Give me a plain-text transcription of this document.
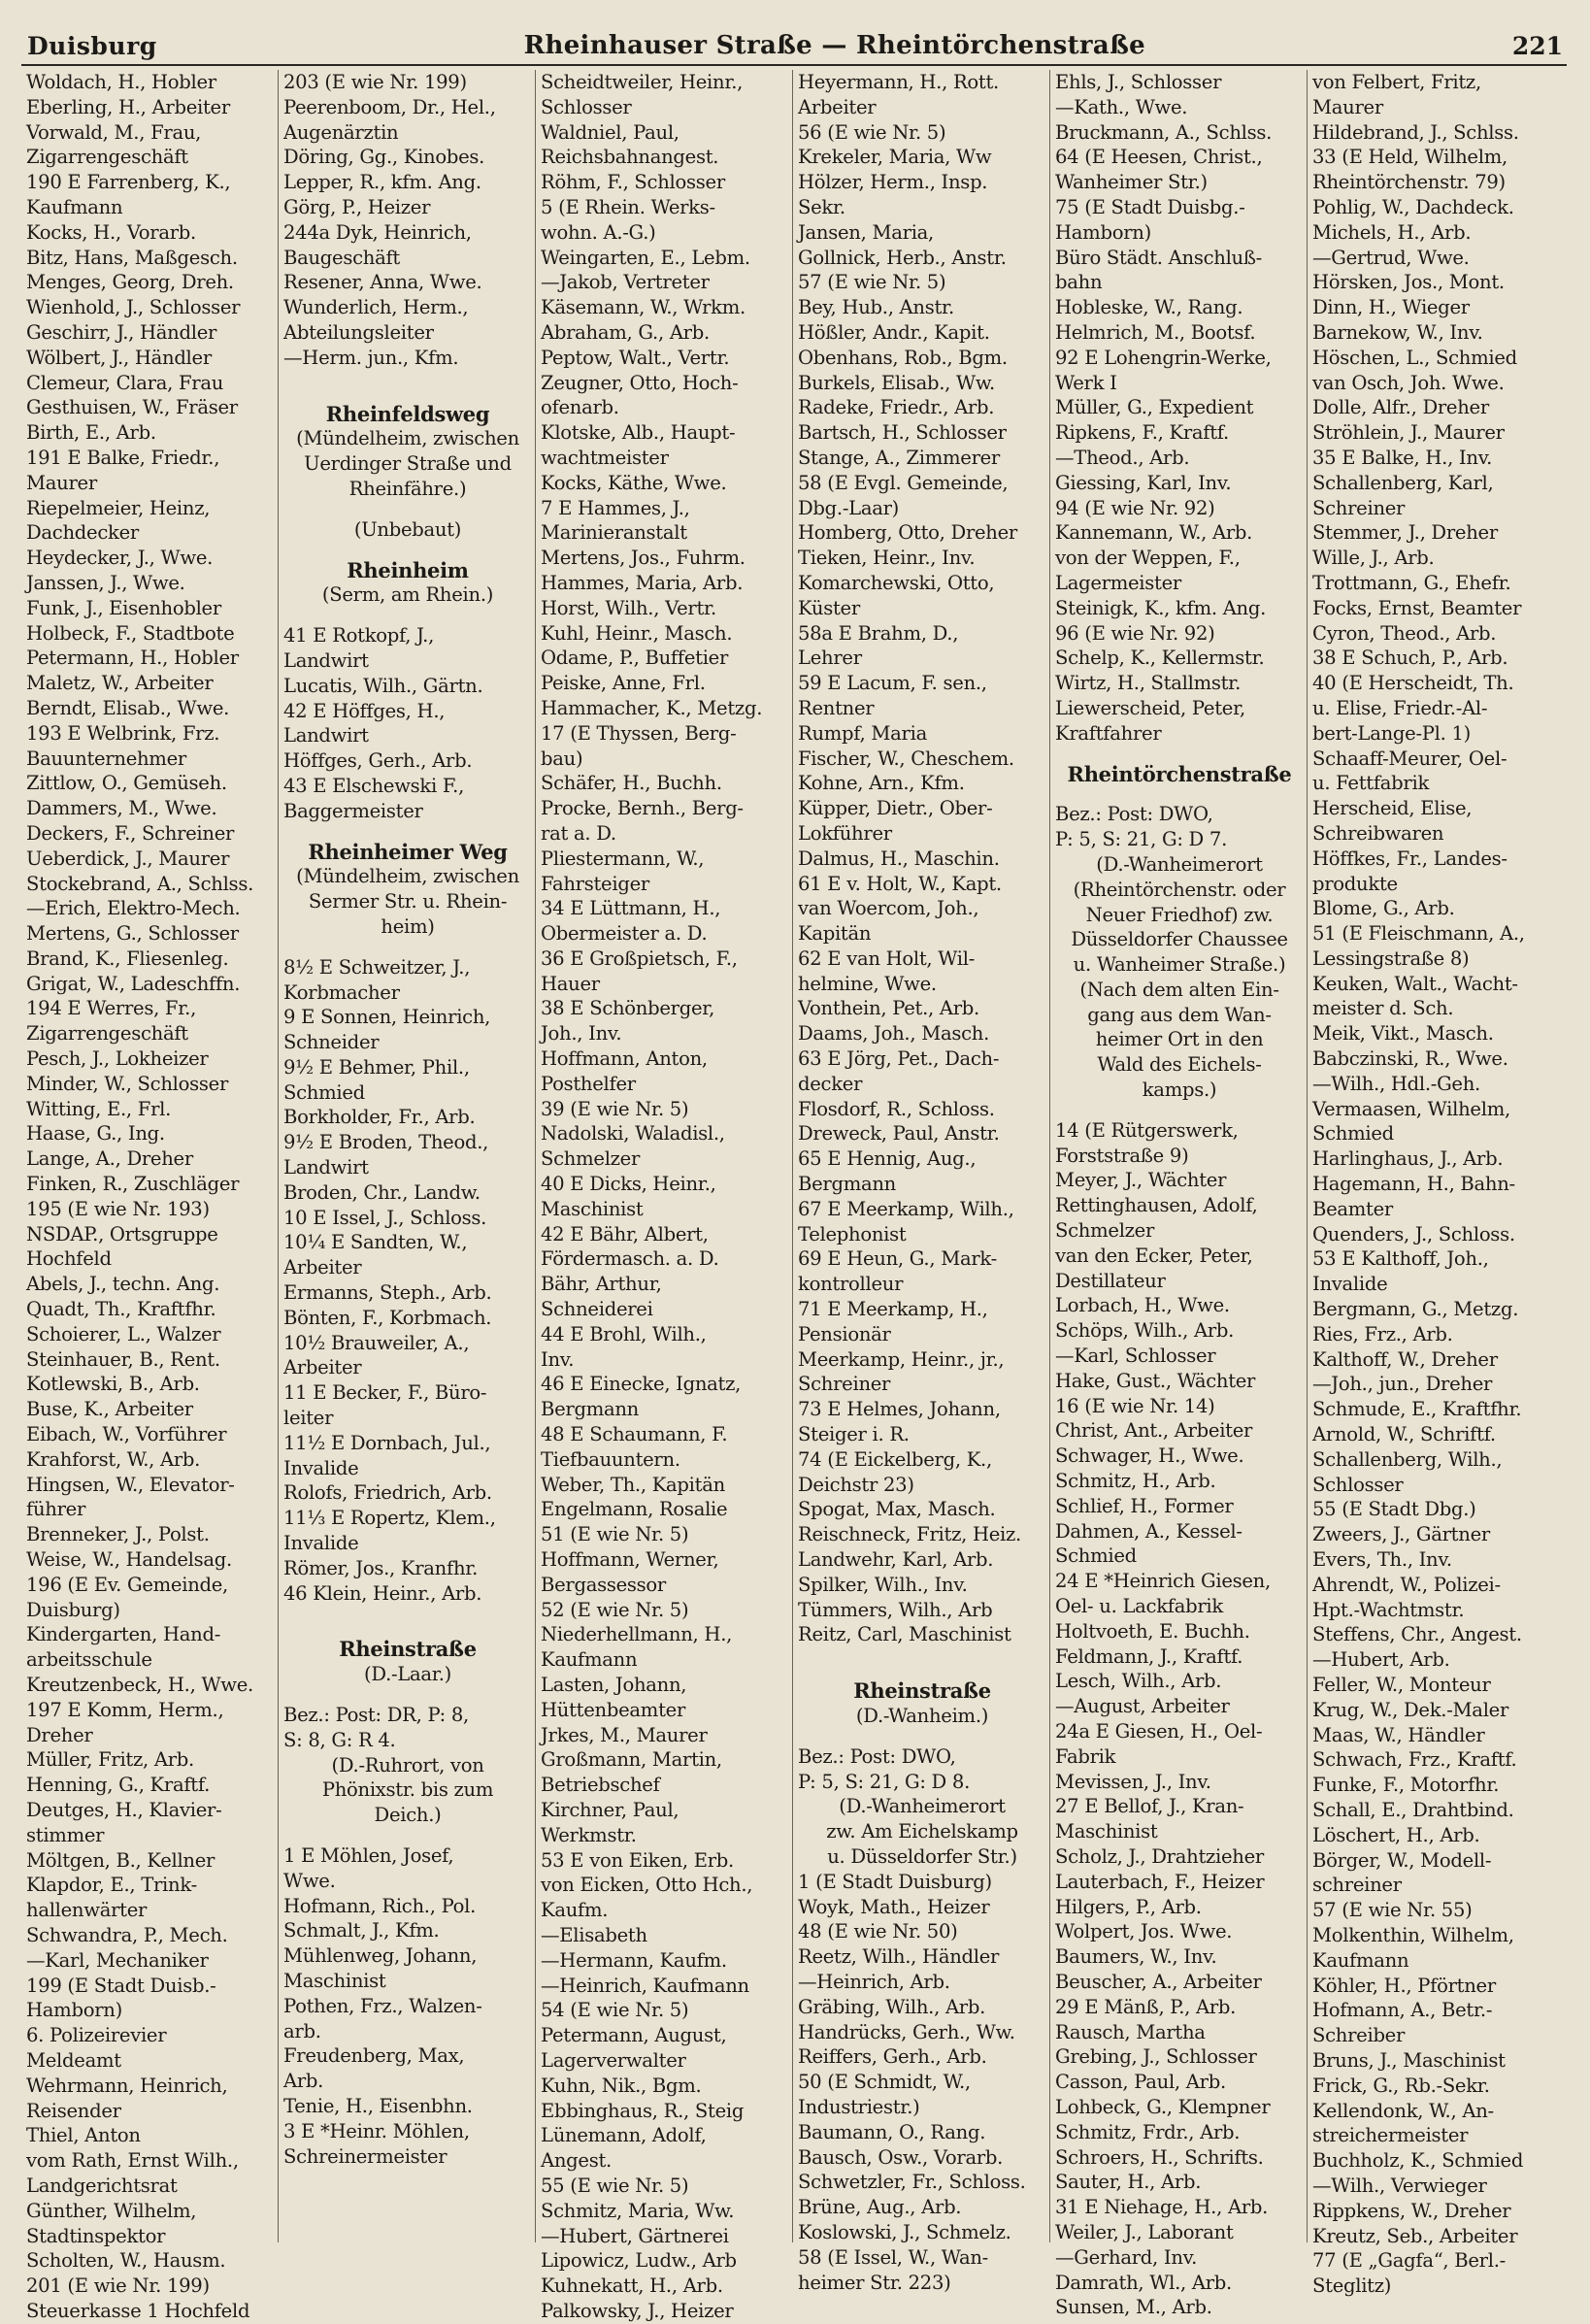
Duisburg	Rheinhauser Straße — Rheintörchenstraße	221
Woldach, H., Hobler
Eberling, H., Arbeiter
Vorwald, M., Frau,
Zigarrengeschäft
190 E Farrenberg, K.,
Kaufmann
Kocks, H., Vorarb.
Bitz, Hans, Maßgesch.
Menges, Georg, Dreh.
Wienhold, J., Schlosser
Geschirr, J., Händler
Wölbert, J., Händler
Clemeur, Clara, Frau
Gesthuisen, W., Fräser
Birth, E., Arb.
191 E Balke, Friedr.,
Maurer
Riepelmeier, Heinz,
Dachdecker
Heydecker, J., Wwe.
Janssen, J., Wwe.
Funk, J., Eisenhobler
Holbeck, F., Stadtbote
Petermann, H., Hobler
Maletz, W., Arbeiter
Berndt, Elisab., Wwe.
193 E Welbrink, Frz.
Bauunternehmer
Zittlow, O., Gemüseh.
Dammers, M., Wwe.
Deckers, F., Schreiner
Ueberdick, J., Maurer
Stockebrand, A., Schlss.
—Erich, Elektro-Mech.
Mertens, G., Schlosser
Brand, K., Fliesenleg.
Grigat, W., Ladeschffn.
194 E Werres, Fr.,
Zigarrengeschäft
Pesch, J., Lokheizer
Minder, W., Schlosser
Witting, E., Frl.
Haase, G., Ing.
Lange, A., Dreher
Finken, R., Zuschläger
195 (E wie Nr. 193)
NSDAP., Ortsgruppe
Hochfeld
Abels, J., techn. Ang.
Quadt, Th., Kraftfhr.
Schoierer, L., Walzer
Steinhauer, B., Rent.
Kotlewski, B., Arb.
Buse, K., Arbeiter
Eibach, W., Vorführer
Krahforst, W., Arb.
Hingsen, W., Elevator-
führer
Brenneker, J., Polst.
Weise, W., Handelsag.
196 (E Ev. Gemeinde,
Duisburg)
Kindergarten, Hand-
arbeitsschule
Kreutzenbeck, H., Wwe.
197 E Komm, Herm.,
Dreher
Müller, Fritz, Arb.
Henning, G., Kraftf.
Deutges, H., Klavier-
stimmer
Möltgen, B., Kellner
Klapdor, E., Trink-
hallenwärter
Schwandra, P., Mech.
—Karl, Mechaniker
199 (E Stadt Duisb.-
Hamborn)
6. Polizeirevier
Meldeamt
Wehrmann, Heinrich,
Reisender
Thiel, Anton
vom Rath, Ernst Wilh.,
Landgerichtsrat
Günther, Wilhelm,
Stadtinspektor
Scholten, W., Hausm.
201 (E wie Nr. 199)
Steuerkasse 1 Hochfeld
203 (E wie Nr. 199)
Peerenboom, Dr., Hel.,
Augenärztin
Döring, Gg., Kinobes.
Lepper, R., kfm. Ang.
Görg, P., Heizer
244a Dyk, Heinrich,
Baugeschäft
Resener, Anna, Wwe.
Wunderlich, Herm.,
Abteilungsleiter
—Herm. jun., Kfm.
Rheinfeldsweg
(Mündelheim, zwischen
Uerdinger Straße und
Rheinfähre.)
(Unbebaut)
Rheinheim
(Serm, am Rhein.)
41 E Rotkopf, J.,
Landwirt
Lucatis, Wilh., Gärtn.
42 E Höffges, H.,
Landwirt
Höffges, Gerh., Arb.
43 E Elschewski F.,
Baggermeister
Rheinheimer Weg
(Mündelheim, zwischen
Sermer Str. u. Rhein-
heim)
8½ E Schweitzer, J.,
Korbmacher
9 E Sonnen, Heinrich,
Schneider
9½ E Behmer, Phil.,
Schmied
Borkholder, Fr., Arb.
9½ E Broden, Theod.,
Landwirt
Broden, Chr., Landw.
10 E Issel, J., Schloss.
10¼ E Sandten, W.,
Arbeiter
Ermanns, Steph., Arb.
Bönten, F., Korbmach.
10½ Brauweiler, A.,
Arbeiter
11 E Becker, F., Büro-
leiter
11½ E Dornbach, Jul.,
Invalide
Rolofs, Friedrich, Arb.
11⅓ E Ropertz, Klem.,
Invalide
Römer, Jos., Kranfhr.
46 Klein, Heinr., Arb.
Rheinstraße
(D.-Laar.)
Bez.: Post: DR, P: 8,
S: 8, G: R 4.
(D.-Ruhrort, von
Phönixstr. bis zum
Deich.)
1 E Möhlen, Josef,
Wwe.
Hofmann, Rich., Pol.
Schmalt, J., Kfm.
Mühlenweg, Johann,
Maschinist
Pothen, Frz., Walzen-
arb.
Freudenberg, Max,
Arb.
Tenie, H., Eisenbhn.
3 E *Heinr. Möhlen,
Schreinermeister
Scheidtweiler, Heinr.,
Schlosser
Waldniel, Paul,
Reichsbahnangest.
Röhm, F., Schlosser
5 (E Rhein. Werks-
wohn. A.-G.)
Weingarten, E., Lebm.
—Jakob, Vertreter
Käsemann, W., Wrkm.
Abraham, G., Arb.
Peptow, Walt., Vertr.
Zeugner, Otto, Hoch-
ofenarb.
Klotske, Alb., Haupt-
wachtmeister
Kocks, Käthe, Wwe.
7 E Hammes, J.,
Marinieranstalt
Mertens, Jos., Fuhrm.
Hammes, Maria, Arb.
Horst, Wilh., Vertr.
Kuhl, Heinr., Masch.
Odame, P., Buffetier
Peiske, Anne, Frl.
Hammacher, K., Metzg.
17 (E Thyssen, Berg-
bau)
Schäfer, H., Buchh.
Procke, Bernh., Berg-
rat a. D.
Pliestermann, W.,
Fahrsteiger
34 E Lüttmann, H.,
Obermeister a. D.
36 E Großpietsch, F.,
Hauer
38 E Schönberger,
Joh., Inv.
Hoffmann, Anton,
Posthelfer
39 (E wie Nr. 5)
Nadolski, Waladisl.,
Schmelzer
40 E Dicks, Heinr.,
Maschinist
42 E Bähr, Albert,
Fördermasch. a. D.
Bähr, Arthur,
Schneiderei
44 E Brohl, Wilh.,
Inv.
46 E Einecke, Ignatz,
Bergmann
48 E Schaumann, F.
Tiefbauuntern.
Weber, Th., Kapitän
Engelmann, Rosalie
51 (E wie Nr. 5)
Hoffmann, Werner,
Bergassessor
52 (E wie Nr. 5)
Niederhellmann, H.,
Kaufmann
Lasten, Johann,
Hüttenbeamter
Jrkes, M., Maurer
Großmann, Martin,
Betriebschef
Kirchner, Paul,
Werkmstr.
53 E von Eiken, Erb.
von Eicken, Otto Hch.,
Kaufm.
—Elisabeth
—Hermann, Kaufm.
—Heinrich, Kaufmann
54 (E wie Nr. 5)
Petermann, August,
Lagerverwalter
Kuhn, Nik., Bgm.
Ebbinghaus, R., Steig
Lünemann, Adolf,
Angest.
55 (E wie Nr. 5)
Schmitz, Maria, Ww.
—Hubert, Gärtnerei
Lipowicz, Ludw., Arb
Kuhnekatt, H., Arb.
Palkowsky, J., Heizer
Heyermann, H., Rott.
Arbeiter
56 (E wie Nr. 5)
Krekeler, Maria, Ww
Hölzer, Herm., Insp.
Sekr.
Jansen, Maria,
Gollnick, Herb., Anstr.
57 (E wie Nr. 5)
Bey, Hub., Anstr.
Hößler, Andr., Kapit.
Obenhans, Rob., Bgm.
Burkels, Elisab., Ww.
Radeke, Friedr., Arb.
Bartsch, H., Schlosser
Stange, A., Zimmerer
58 (E Evgl. Gemeinde,
Dbg.-Laar)
Homberg, Otto, Dreher
Tieken, Heinr., Inv.
Komarchewski, Otto,
Küster
58a E Brahm, D.,
Lehrer
59 E Lacum, F. sen.,
Rentner
Rumpf, Maria
Fischer, W., Cheschem.
Kohne, Arn., Kfm.
Küpper, Dietr., Ober-
Lokführer
Dalmus, H., Maschin.
61 E v. Holt, W., Kapt.
van Woercom, Joh.,
Kapitän
62 E van Holt, Wil-
helmine, Wwe.
Vonthein, Pet., Arb.
Daams, Joh., Masch.
63 E Jörg, Pet., Dach-
decker
Flosdorf, R., Schloss.
Dreweck, Paul, Anstr.
65 E Hennig, Aug.,
Bergmann
67 E Meerkamp, Wilh.,
Telephonist
69 E Heun, G., Mark-
kontrolleur
71 E Meerkamp, H.,
Pensionär
Meerkamp, Heinr., jr.,
Schreiner
73 E Helmes, Johann,
Steiger i. R.
74 (E Eickelberg, K.,
Deichstr 23)
Spogat, Max, Masch.
Reischneck, Fritz, Heiz.
Landwehr, Karl, Arb.
Spilker, Wilh., Inv.
Tümmers, Wilh., Arb
Reitz, Carl, Maschinist
Rheinstraße
(D.-Wanheim.)
Bez.: Post: DWO,
P: 5, S: 21, G: D 8.
(D.-Wanheimerort
zw. Am Eichelskamp
u. Düsseldorfer Str.)
1 (E Stadt Duisburg)
Woyk, Math., Heizer
48 (E wie Nr. 50)
Reetz, Wilh., Händler
—Heinrich, Arb.
Gräbing, Wilh., Arb.
Handrücks, Gerh., Ww.
Reiffers, Gerh., Arb.
50 (E Schmidt, W.,
Industriestr.)
Baumann, O., Rang.
Bausch, Osw., Vorarb.
Schwetzler, Fr., Schloss.
Brüne, Aug., Arb.
Koslowski, J., Schmelz.
58 (E Issel, W., Wan-
heimer Str. 223)
Ehls, J., Schlosser
—Kath., Wwe.
Bruckmann, A., Schlss.
64 (E Heesen, Christ.,
Wanheimer Str.)
75 (E Stadt Duisbg.-
Hamborn)
Büro Städt. Anschluß-
bahn
Hobleske, W., Rang.
Helmrich, M., Bootsf.
92 E Lohengrin-Werke,
Werk I
Müller, G., Expedient
Ripkens, F., Kraftf.
—Theod., Arb.
Giessing, Karl, Inv.
94 (E wie Nr. 92)
Kannemann, W., Arb.
von der Weppen, F.,
Lagermeister
Steinigk, K., kfm. Ang.
96 (E wie Nr. 92)
Schelp, K., Kellermstr.
Wirtz, H., Stallmstr.
Liewerscheid, Peter,
Kraftfahrer
Rheintörchenstraße
Bez.: Post: DWO,
P: 5, S: 21, G: D 7.
(D.-Wanheimerort
(Rheintörchenstr. oder
Neuer Friedhof) zw.
Düsseldorfer Chaussee
u. Wanheimer Straße.)
(Nach dem alten Ein-
gang aus dem Wan-
heimer Ort in den
Wald des Eichels-
kamps.)
14 (E Rütgerswerk,
Forststraße 9)
Meyer, J., Wächter
Rettinghausen, Adolf,
Schmelzer
van den Ecker, Peter,
Destillateur
Lorbach, H., Wwe.
Schöps, Wilh., Arb.
—Karl, Schlosser
Hake, Gust., Wächter
16 (E wie Nr. 14)
Christ, Ant., Arbeiter
Schwager, H., Wwe.
Schmitz, H., Arb.
Schlief, H., Former
Dahmen, A., Kessel-
Schmied
24 E *Heinrich Giesen,
Oel- u. Lackfabrik
Holtvoeth, E. Buchh.
Feldmann, J., Kraftf.
Lesch, Wilh., Arb.
—August, Arbeiter
24a E Giesen, H., Oel-
Fabrik
Mevissen, J., Inv.
27 E Bellof, J., Kran-
Maschinist
Scholz, J., Drahtzieher
Lauterbach, F., Heizer
Hilgers, P., Arb.
Wolpert, Jos. Wwe.
Baumers, W., Inv.
Beuscher, A., Arbeiter
29 E Mänß, P., Arb.
Rausch, Martha
Grebing, J., Schlosser
Casson, Paul, Arb.
Lohbeck, G., Klempner
Schmitz, Frdr., Arb.
Schroers, H., Schrifts.
Sauter, H., Arb.
31 E Niehage, H., Arb.
Weiler, J., Laborant
—Gerhard, Inv.
Damrath, Wl., Arb.
Sunsen, M., Arb.
von Felbert, Fritz,
Maurer
Hildebrand, J., Schlss.
33 (E Held, Wilhelm,
Rheintörchenstr. 79)
Pohlig, W., Dachdeck.
Michels, H., Arb.
—Gertrud, Wwe.
Hörsken, Jos., Mont.
Dinn, H., Wieger
Barnekow, W., Inv.
Höschen, L., Schmied
van Osch, Joh. Wwe.
Dolle, Alfr., Dreher
Ströhlein, J., Maurer
35 E Balke, H., Inv.
Schallenberg, Karl,
Schreiner
Stemmer, J., Dreher
Wille, J., Arb.
Trottmann, G., Ehefr.
Focks, Ernst, Beamter
Cyron, Theod., Arb.
38 E Schuch, P., Arb.
40 (E Herscheidt, Th.
u. Elise, Friedr.-Al-
bert-Lange-Pl. 1)
Schaaff-Meurer, Oel-
u. Fettfabrik
Herscheid, Elise,
Schreibwaren
Höffkes, Fr., Landes-
produkte
Blome, G., Arb.
51 (E Fleischmann, A.,
Lessingstraße 8)
Keuken, Walt., Wacht-
meister d. Sch.
Meik, Vikt., Masch.
Babczinski, R., Wwe.
—Wilh., Hdl.-Geh.
Vermaasen, Wilhelm,
Schmied
Harlinghaus, J., Arb.
Hagemann, H., Bahn-
Beamter
Quenders, J., Schloss.
53 E Kalthoff, Joh.,
Invalide
Bergmann, G., Metzg.
Ries, Frz., Arb.
Kalthoff, W., Dreher
—Joh., jun., Dreher
Schmude, E., Kraftfhr.
Arnold, W., Schriftf.
Schallenberg, Wilh.,
Schlosser
55 (E Stadt Dbg.)
Zweers, J., Gärtner
Evers, Th., Inv.
Ahrendt, W., Polizei-
Hpt.-Wachtmstr.
Steffens, Chr., Angest.
—Hubert, Arb.
Feller, W., Monteur
Krug, W., Dek.-Maler
Maas, W., Händler
Schwach, Frz., Kraftf.
Funke, F., Motorfhr.
Schall, E., Drahtbind.
Löschert, H., Arb.
Börger, W., Modell-
schreiner
57 (E wie Nr. 55)
Molkenthin, Wilhelm,
Kaufmann
Köhler, H., Pförtner
Hofmann, A., Betr.-
Schreiber
Bruns, J., Maschinist
Frick, G., Rb.-Sekr.
Kellendonk, W., An-
streichermeister
Buchholz, K., Schmied
—Wilh., Verwieger
Rippkens, W., Dreher
Kreutz, Seb., Arbeiter
77 (E „Gagfa“, Berl.-
Steglitz)
